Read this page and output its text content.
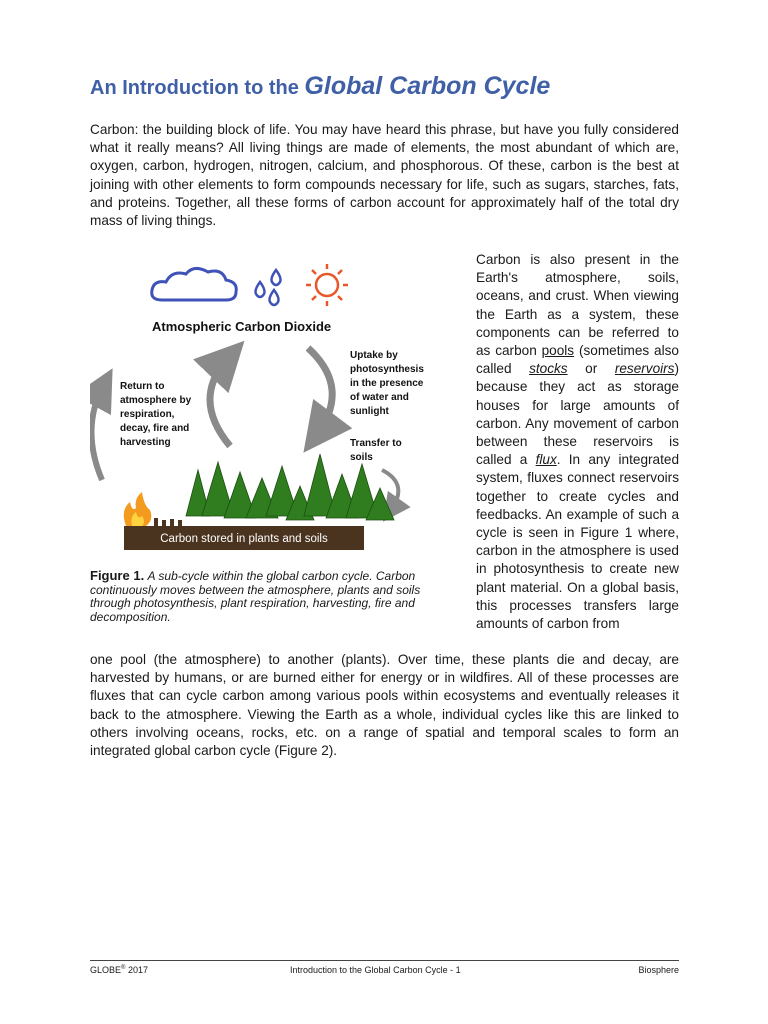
An Introduction to the Global Carbon Cycle

Carbon: the building block of life. You may have heard this phrase, but have you fully considered what it really means? All living things are made of elements, the most abundant of which are, oxygen, carbon, hydrogen, nitrogen, calcium, and phosphorous. Of these, carbon is the best at joining with other elements to form compounds necessary for life, such as sugars, starches, fats, and proteins. Together, all these forms of carbon account for approximately half of the total dry mass of living things.

Atmospheric Carbon Dioxide
Uptake by photosynthesis in the presence of water and sunlight
Return to atmosphere by respiration, decay, fire and harvesting	Transfer to soils
Carbon stored in plants and soils

Figure 1. A sub-cycle within the global carbon cycle. Carbon continuously moves between the atmosphere, plants and soils through photosynthesis, plant respiration, harvesting, fire and decomposition.

Carbon is also present in the Earth's atmosphere, soils, oceans, and crust. When viewing the Earth as a system, these components can be referred to as carbon pools (sometimes also called stocks or reservoirs) because they act as storage houses for large amounts of carbon. Any movement of carbon between these reservoirs is called a flux. In any integrated system, fluxes connect reservoirs together to create cycles and feedbacks. An example of such a cycle is seen in Figure 1 where, carbon in the atmosphere is used in photosynthesis to create new plant material. On a global basis, this processes transfers large amounts of carbon from

one pool (the atmosphere) to another (plants). Over time, these plants die and decay, are harvested by humans, or are burned either for energy or in wildfires. All of these processes are fluxes that can cycle carbon among various pools within ecosystems and eventually releases it back to the atmosphere. Viewing the Earth as a whole, individual cycles like this are linked to others involving oceans, rocks, etc. on a range of spatial and temporal scales to form an integrated global carbon cycle (Figure 2).

GLOBE® 2017	Introduction to the Global Carbon Cycle - 1	Biosphere
